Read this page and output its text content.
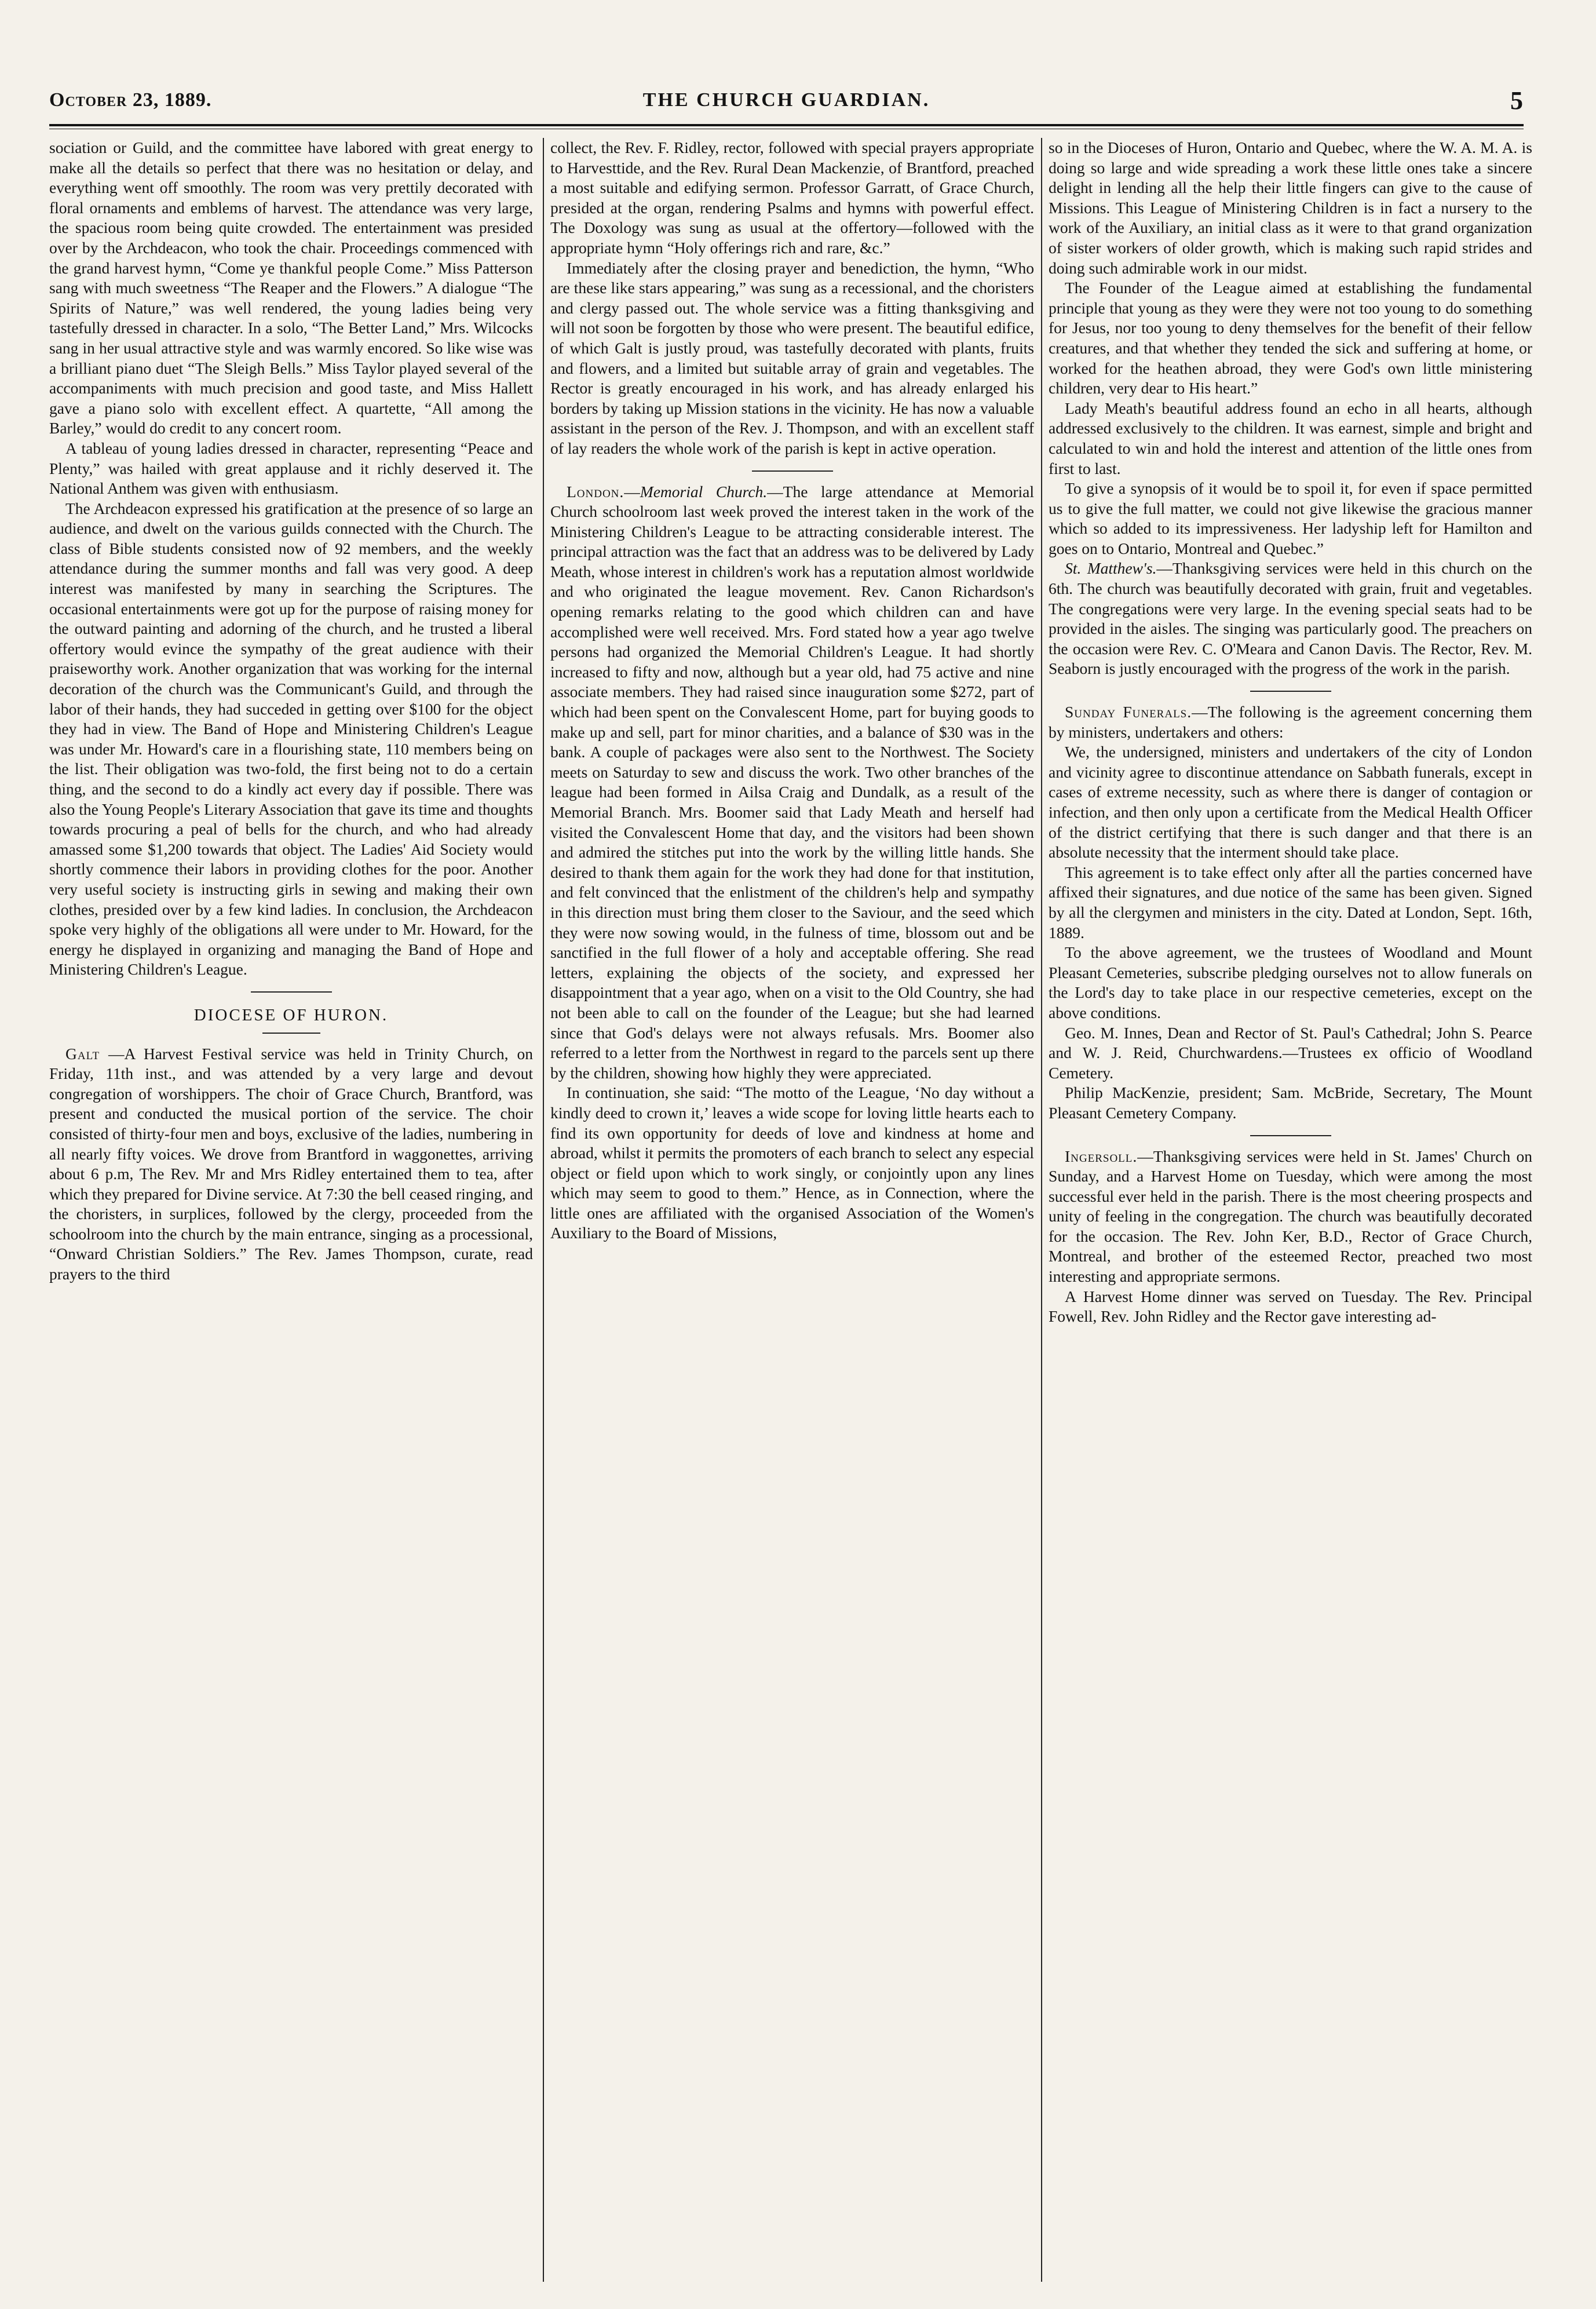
October 23, 1889.	THE CHURCH GUARDIAN.	5

sociation or Guild, and the committee have labored with great energy to make all the details so perfect that there was no hesitation or delay, and everything went off smoothly. The room was very prettily decorated with floral ornaments and emblems of harvest. The attendance was very large, the spacious room being quite crowded. The entertainment was presided over by the Archdeacon, who took the chair. Proceedings commenced with the grand harvest hymn, “Come ye thankful people Come.” Miss Patterson sang with much sweetness “The Reaper and the Flowers.” A dialogue “The Spirits of Nature,” was well rendered, the young ladies being very tastefully dressed in character. In a solo, “The Better Land,” Mrs. Wilcocks sang in her usual attractive style and was warmly encored. So like wise was a brilliant piano duet “The Sleigh Bells.” Miss Taylor played several of the accompaniments with much precision and good taste, and Miss Hallett gave a piano solo with excellent effect. A quartette, “All among the Barley,” would do credit to any concert room.

A tableau of young ladies dressed in character, representing “Peace and Plenty,” was hailed with great applause and it richly deserved it. The National Anthem was given with enthusiasm.

The Archdeacon expressed his gratification at the presence of so large an audience, and dwelt on the various guilds connected with the Church. The class of Bible students consisted now of 92 members, and the weekly attendance during the summer months and fall was very good. A deep interest was manifested by many in searching the Scriptures. The occasional entertainments were got up for the purpose of raising money for the outward painting and adorning of the church, and he trusted a liberal offertory would evince the sympathy of the great audience with their praiseworthy work. Another organization that was working for the internal decoration of the church was the Communicant's Guild, and through the labor of their hands, they had succeded in getting over $100 for the object they had in view. The Band of Hope and Ministering Children's League was under Mr. Howard's care in a flourishing state, 110 members being on the list. Their obligation was two-fold, the first being not to do a certain thing, and the second to do a kindly act every day if possible. There was also the Young People's Literary Association that gave its time and thoughts towards procuring a peal of bells for the church, and who had already amassed some $1,200 towards that object. The Ladies' Aid Society would shortly commence their labors in providing clothes for the poor. Another very useful society is instructing girls in sewing and making their own clothes, presided over by a few kind ladies. In conclusion, the Archdeacon spoke very highly of the obligations all were under to Mr. Howard, for the energy he displayed in organizing and managing the Band of Hope and Ministering Children's League.

DIOCESE OF HURON.

Galt —A Harvest Festival service was held in Trinity Church, on Friday, 11th inst., and was attended by a very large and devout congregation of worshippers. The choir of Grace Church, Brantford, was present and conducted the musical portion of the service. The choir consisted of thirty-four men and boys, exclusive of the ladies, numbering in all nearly fifty voices. We drove from Brantford in waggonettes, arriving about 6 p.m, The Rev. Mr and Mrs Ridley entertained them to tea, after which they prepared for Divine service. At 7:30 the bell ceased ringing, and the choristers, in surplices, followed by the clergy, proceeded from the schoolroom into the church by the main entrance, singing as a processional, “Onward Christian Soldiers.” The Rev. James Thompson, curate, read prayers to the third

collect, the Rev. F. Ridley, rector, followed with special prayers appropriate to Harvesttide, and the Rev. Rural Dean Mackenzie, of Brantford, preached a most suitable and edifying sermon. Professor Garratt, of Grace Church, presided at the organ, rendering Psalms and hymns with powerful effect. The Doxology was sung as usual at the offertory—followed with the appropriate hymn “Holy offerings rich and rare, &c.”

Immediately after the closing prayer and benediction, the hymn, “Who are these like stars appearing,” was sung as a recessional, and the choristers and clergy passed out. The whole service was a fitting thanksgiving and will not soon be forgotten by those who were present. The beautiful edifice, of which Galt is justly proud, was tastefully decorated with plants, fruits and flowers, and a limited but suitable array of grain and vegetables. The Rector is greatly encouraged in his work, and has already enlarged his borders by taking up Mission stations in the vicinity. He has now a valuable assistant in the person of the Rev. J. Thompson, and with an excellent staff of lay readers the whole work of the parish is kept in active operation.

London.—Memorial Church.—The large attendance at Memorial Church schoolroom last week proved the interest taken in the work of the Ministering Children's League to be attracting considerable interest. The principal attraction was the fact that an address was to be delivered by Lady Meath, whose interest in children's work has a reputation almost worldwide and who originated the league movement. Rev. Canon Richardson's opening remarks relating to the good which children can and have accomplished were well received. Mrs. Ford stated how a year ago twelve persons had organized the Memorial Children's League. It had shortly increased to fifty and now, although but a year old, had 75 active and nine associate members. They had raised since inauguration some $272, part of which had been spent on the Convalescent Home, part for buying goods to make up and sell, part for minor charities, and a balance of $30 was in the bank. A couple of packages were also sent to the Northwest. The Society meets on Saturday to sew and discuss the work. Two other branches of the league had been formed in Ailsa Craig and Dundalk, as a result of the Memorial Branch. Mrs. Boomer said that Lady Meath and herself had visited the Convalescent Home that day, and the visitors had been shown and admired the stitches put into the work by the willing little hands. She desired to thank them again for the work they had done for that institution, and felt convinced that the enlistment of the children's help and sympathy in this direction must bring them closer to the Saviour, and the seed which they were now sowing would, in the fulness of time, blossom out and be sanctified in the full flower of a holy and acceptable offering. She read letters, explaining the objects of the society, and expressed her disappointment that a year ago, when on a visit to the Old Country, she had not been able to call on the founder of the League; but she had learned since that God's delays were not always refusals. Mrs. Boomer also referred to a letter from the Northwest in regard to the parcels sent up there by the children, showing how highly they were appreciated.

In continuation, she said: “The motto of the League, ‘No day without a kindly deed to crown it,’ leaves a wide scope for loving little hearts each to find its own opportunity for deeds of love and kindness at home and abroad, whilst it permits the promoters of each branch to select any especial object or field upon which to work singly, or conjointly upon any lines which may seem to good to them.” Hence, as in Connection, where the little ones are affiliated with the organised Association of the Women's Auxiliary to the Board of Missions,

so in the Dioceses of Huron, Ontario and Quebec, where the W. A. M. A. is doing so large and wide spreading a work these little ones take a sincere delight in lending all the help their little fingers can give to the cause of Missions. This League of Ministering Children is in fact a nursery to the work of the Auxiliary, an initial class as it were to that grand organization of sister workers of older growth, which is making such rapid strides and doing such admirable work in our midst.

The Founder of the League aimed at establishing the fundamental principle that young as they were they were not too young to do something for Jesus, nor too young to deny themselves for the benefit of their fellow creatures, and that whether they tended the sick and suffering at home, or worked for the heathen abroad, they were God's own little ministering children, very dear to His heart.”

Lady Meath's beautiful address found an echo in all hearts, although addressed exclusively to the children. It was earnest, simple and bright and calculated to win and hold the interest and attention of the little ones from first to last.

To give a synopsis of it would be to spoil it, for even if space permitted us to give the full matter, we could not give likewise the gracious manner which so added to its impressiveness. Her ladyship left for Hamilton and goes on to Ontario, Montreal and Quebec.”

St. Matthew's.—Thanksgiving services were held in this church on the 6th. The church was beautifully decorated with grain, fruit and vegetables. The congregations were very large. In the evening special seats had to be provided in the aisles. The singing was particularly good. The preachers on the occasion were Rev. C. O'Meara and Canon Davis. The Rector, Rev. M. Seaborn is justly encouraged with the progress of the work in the parish.

Sunday Funerals.—The following is the agreement concerning them by ministers, undertakers and others:

We, the undersigned, ministers and undertakers of the city of London and vicinity agree to discontinue attendance on Sabbath funerals, except in cases of extreme necessity, such as where there is danger of contagion or infection, and then only upon a certificate from the Medical Health Officer of the district certifying that there is such danger and that there is an absolute necessity that the interment should take place.

This agreement is to take effect only after all the parties concerned have affixed their signatures, and due notice of the same has been given. Signed by all the clergymen and ministers in the city. Dated at London, Sept. 16th, 1889.

To the above agreement, we the trustees of Woodland and Mount Pleasant Cemeteries, subscribe pledging ourselves not to allow funerals on the Lord's day to take place in our respective cemeteries, except on the above conditions.

Geo. M. Innes, Dean and Rector of St. Paul's Cathedral; John S. Pearce and W. J. Reid, Churchwardens.—Trustees ex officio of Woodland Cemetery.

Philip MacKenzie, president; Sam. McBride, Secretary, The Mount Pleasant Cemetery Company.

Ingersoll.—Thanksgiving services were held in St. James' Church on Sunday, and a Harvest Home on Tuesday, which were among the most successful ever held in the parish. There is the most cheering prospects and unity of feeling in the congregation. The church was beautifully decorated for the occasion. The Rev. John Ker, B.D., Rector of Grace Church, Montreal, and brother of the esteemed Rector, preached two most interesting and appropriate sermons.

A Harvest Home dinner was served on Tuesday. The Rev. Principal Fowell, Rev. John Ridley and the Rector gave interesting ad-
